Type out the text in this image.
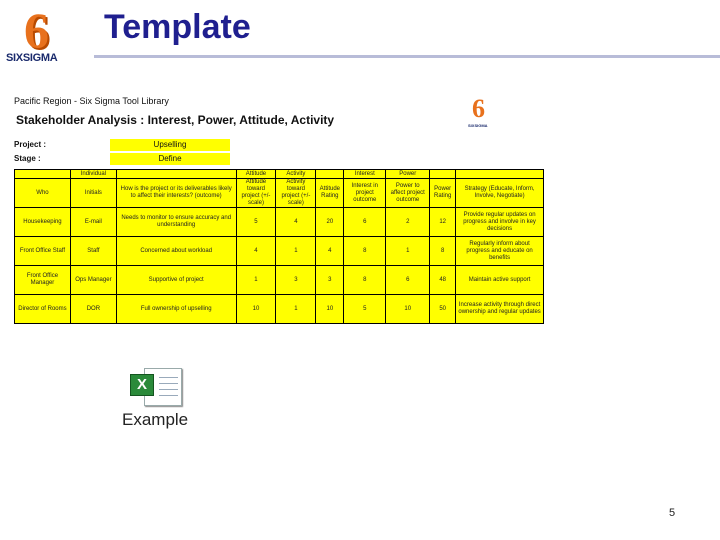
6
SIXSIGMA
Template
Pacific Region - Six Sigma Tool Library
Stakeholder Analysis : Interest, Power, Attitude, Activity	6
SIXSIGMA
Project :	Upselling
Stage :	Define
	Individual		Attitude	Activity		Interest	Power		
Who	Initials	How is the project or its deliverables likely to affect their interests? (outcome)	Attitude toward project (+/- scale)	Activity toward project (+/- scale)	Attitude Rating	Interest in project outcome	Power to affect project outcome	Power Rating	Strategy (Educate, Inform, Involve, Negotiate)
Housekeeping	E-mail	Needs to monitor to ensure accuracy and understanding	5	4	20	6	2	12	Provide regular updates on progress and involve in key decisions
Front Office Staff	Staff	Concerned about workload	4	1	4	8	1	8	Regularly inform about progress and educate on benefits
Front Office Manager	Ops Manager	Supportive of project	1	3	3	8	6	48	Maintain active support
Director of Rooms	DOR	Full ownership of upselling	10	1	10	5	10	50	Increase activity through direct ownership and regular updates
X
Example
5
